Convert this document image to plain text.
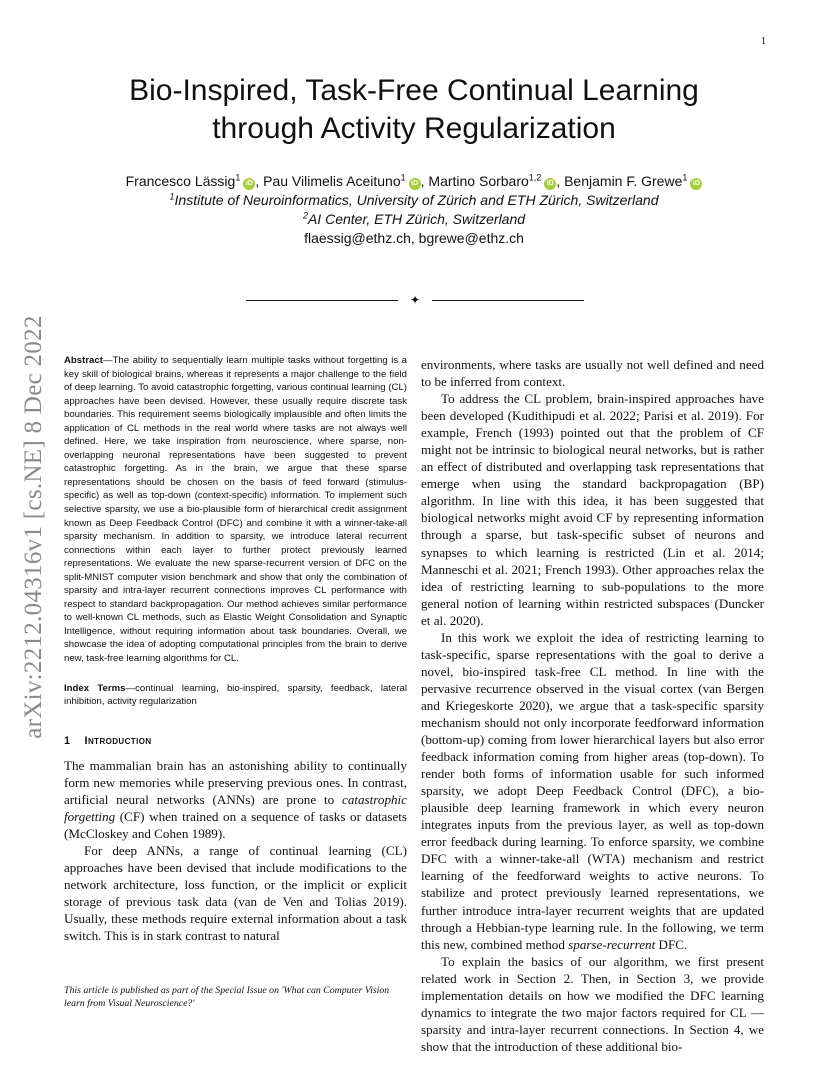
1
arXiv:2212.04316v1 [cs.NE] 8 Dec 2022
Bio-Inspired, Task-Free Continual Learning
through Activity Regularization
Francesco Lässig$^1$iD , Pau Vilimelis Aceituno$^1$iD , Martino Sorbaro$^{1,2}$iD , Benjamin F. Grewe$^1$iD
$^1$Institute of Neuroinformatics, University of Zürich and ETH Zürich, Switzerland
$^2$AI Center, ETH Zürich, Switzerland
flaessig@ethz.ch, bgrewe@ethz.ch
✦

Abstract—The ability to sequentially learn multiple tasks without forgetting is a key skill of biological brains, whereas it represents a major challenge to the field of deep learning. To avoid catastrophic forgetting, various continual learning (CL) approaches have been devised. However, these usually require discrete task boundaries. This requirement seems biologically implausible and often limits the application of CL methods in the real world where tasks are not always well defined. Here, we take inspiration from neuroscience, where sparse, non-overlapping neuronal representations have been suggested to prevent catastrophic forgetting. As in the brain, we argue that these sparse representations should be chosen on the basis of feed forward (stimulus-specific) as well as top-down (context-specific) information. To implement such selective sparsity, we use a bio-plausible form of hierarchical credit assignment known as Deep Feedback Control (DFC) and combine it with a winner-take-all sparsity mechanism. In addition to sparsity, we introduce lateral recurrent connections within each layer to further protect previously learned representations. We evaluate the new sparse-recurrent version of DFC on the split-MNIST computer vision benchmark and show that only the combination of sparsity and intra-layer recurrent connections improves CL performance with respect to standard backpropagation. Our method achieves similar performance to well-known CL methods, such as Elastic Weight Consolidation and Synaptic Intelligence, without requiring information about task boundaries. Overall, we showcase the idea of adopting computational principles from the brain to derive new, task-free learning algorithms for CL.

Index Terms—continual learning, bio-inspired, sparsity, feedback, lateral inhibition, activity regularization

1 Introduction

The mammalian brain has an astonishing ability to continually form new memories while preserving previous ones. In contrast, artificial neural networks (ANNs) are prone to catastrophic forgetting (CF) when trained on a sequence of tasks or datasets (McCloskey and Cohen 1989).

For deep ANNs, a range of continual learning (CL) approaches have been devised that include modifications to the network architecture, loss function, or the implicit or explicit storage of previous task data (van de Ven and Tolias 2019). Usually, these methods require external information about a task switch. This is in stark contrast to natural

This article is published as part of the Special Issue on 'What can Computer Vision learn from Visual Neuroscience?'

environments, where tasks are usually not well defined and need to be inferred from context.

To address the CL problem, brain-inspired approaches have been developed (Kudithipudi et al. 2022; Parisi et al. 2019). For example, French (1993) pointed out that the problem of CF might not be intrinsic to biological neural networks, but is rather an effect of distributed and overlapping task representations that emerge when using the standard backpropagation (BP) algorithm. In line with this idea, it has been suggested that biological networks might avoid CF by representing information through a sparse, but task-specific subset of neurons and synapses to which learning is restricted (Lin et al. 2014; Manneschi et al. 2021; French 1993). Other approaches relax the idea of restricting learning to sub-populations to the more general notion of learning within restricted subspaces (Duncker et al. 2020).

In this work we exploit the idea of restricting learning to task-specific, sparse representations with the goal to derive a novel, bio-inspired task-free CL method. In line with the pervasive recurrence observed in the visual cortex (van Bergen and Kriegeskorte 2020), we argue that a task-specific sparsity mechanism should not only incorporate feedforward information (bottom-up) coming from lower hierarchical layers but also error feedback information coming from higher areas (top-down). To render both forms of information usable for such informed sparsity, we adopt Deep Feedback Control (DFC), a bio-plausible deep learning framework in which every neuron integrates inputs from the previous layer, as well as top-down error feedback during learning. To enforce sparsity, we combine DFC with a winner-take-all (WTA) mechanism and restrict learning of the feedforward weights to active neurons. To stabilize and protect previously learned representations, we further introduce intra-layer recurrent weights that are updated through a Hebbian-type learning rule. In the following, we term this new, combined method sparse-recurrent DFC.

To explain the basics of our algorithm, we first present related work in Section 2. Then, in Section 3, we provide implementation details on how we modified the DFC learning dynamics to integrate the two major factors required for CL — sparsity and intra-layer recurrent connections. In Section 4, we show that the introduction of these additional bio-
